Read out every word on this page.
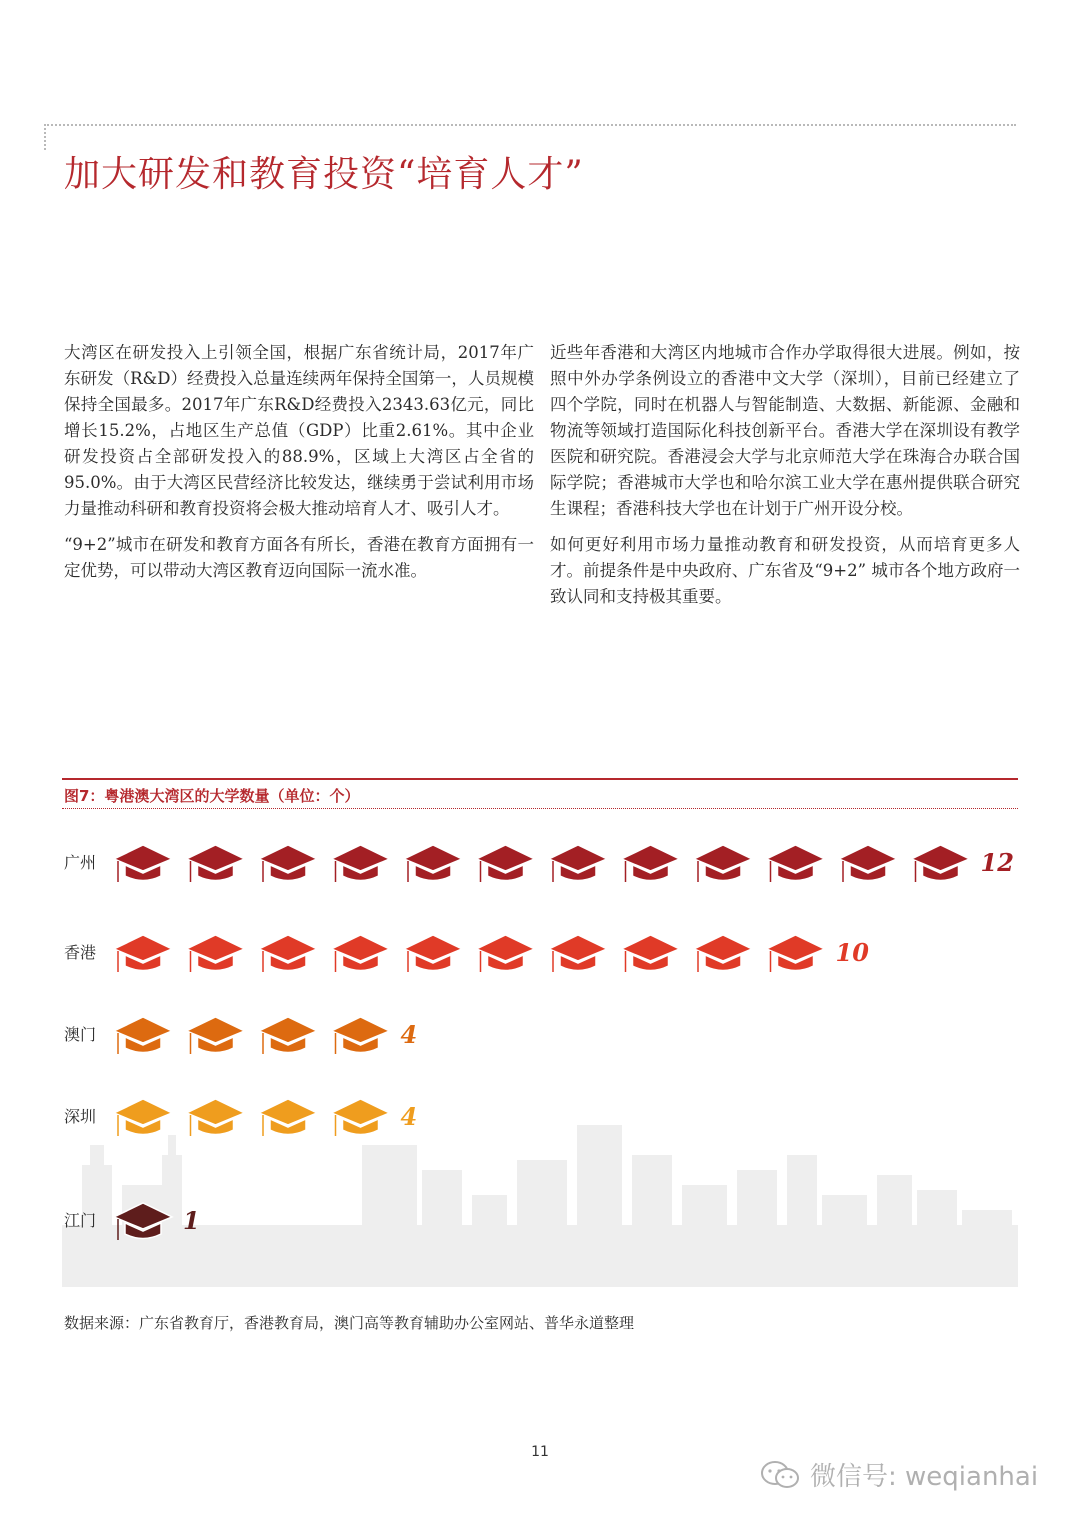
加大研发和教育投资“培育人才”

大湾区在研发投入上引领全国，根据广东省统计局，2017年广东研发（R&D）经费投入总量连续两年保持全国第一，人员规模保持全国最多。2017年广东R&D经费投入2343.63亿元，同比增长15.2%，占地区生产总值（GDP）比重2.61%。其中企业研发投资占全部研发投入的88.9%，区域上大湾区占全省的95.0%。由于大湾区民营经济比较发达，继续勇于尝试利用市场力量推动科研和教育投资将会极大推动培育人才、吸引人才。

“9+2”城市在研发和教育方面各有所长，香港在教育方面拥有一定优势，可以带动大湾区教育迈向国际一流水准。

近些年香港和大湾区内地城市合作办学取得很大进展。例如，按照中外办学条例设立的香港中文大学（深圳），目前已经建立了四个学院，同时在机器人与智能制造、大数据、新能源、金融和物流等领域打造国际化科技创新平台。香港大学在深圳设有教学医院和研究院。香港浸会大学与北京师范大学在珠海合办联合国际学院；香港城市大学也和哈尔滨工业大学在惠州提供联合研究生课程；香港科技大学也在计划于广州开设分校。

如何更好利用市场力量推动教育和研发投资，从而培育更多人才。前提条件是中央政府、广东省及“9+2” 城市各个地方政府一致认同和支持极其重要。

图7：粤港澳大湾区的大学数量（单位：个）
广州	12
香港	10
澳门	4
深圳	4
江门	1
数据来源：广东省教育厅，香港教育局，澳门高等教育辅助办公室网站、普华永道整理
11
微信号: weqianhai
